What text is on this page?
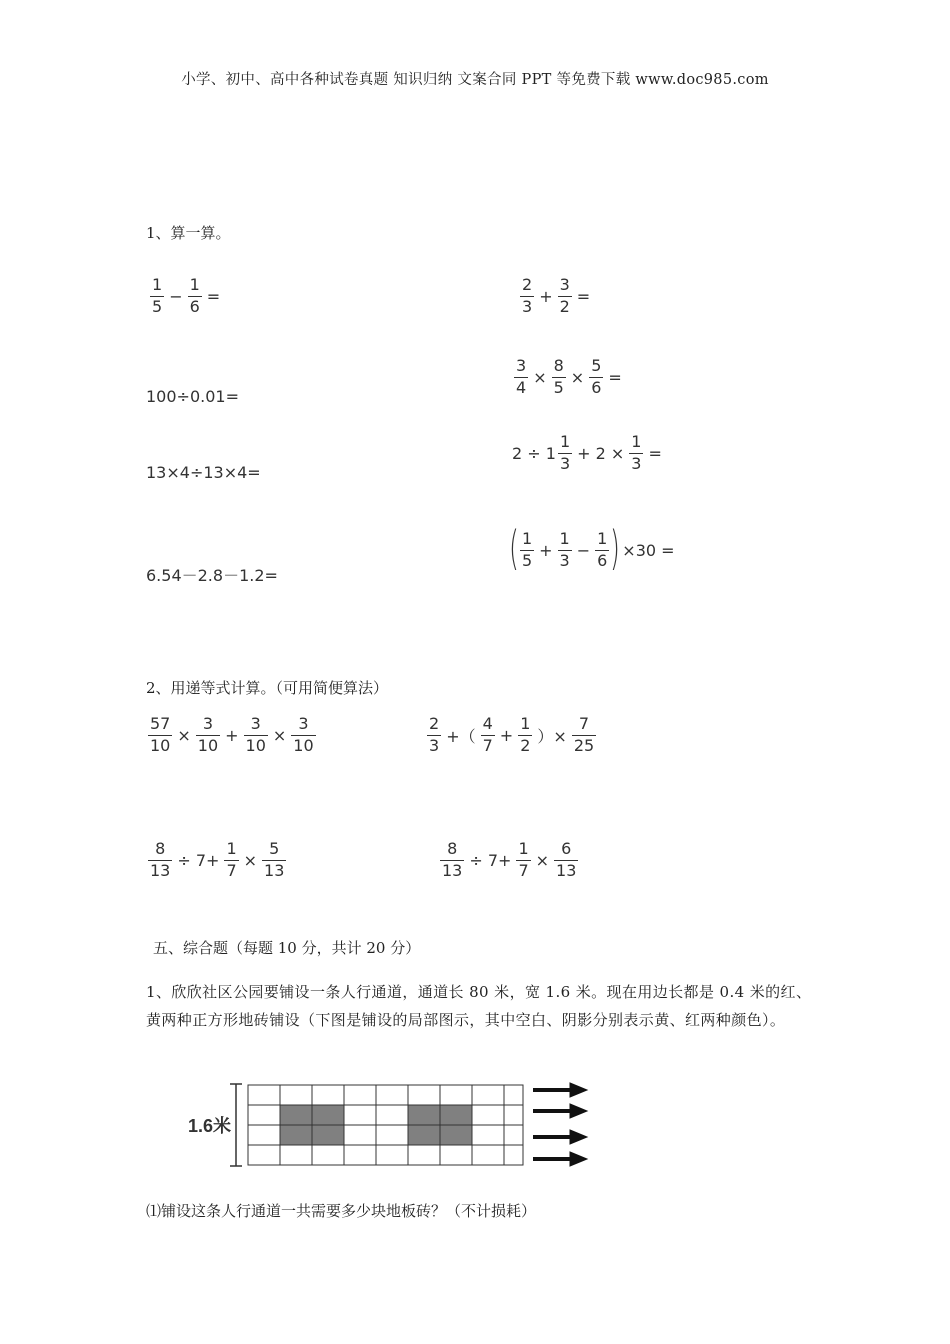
小学、初中、高中各种试卷真题 知识归纳 文案合同 PPT 等免费下载 www.doc985.com
1、算一算。
$\frac{1}{5} - \frac{1}{6}$ =	$\frac{2}{3} + \frac{3}{2}$ =
100÷0.01=	$\frac{3}{4} \times \frac{8}{5} \times \frac{5}{6}$ =
13×4÷13×4=
$2 \div 1 \frac{1}{3} + 2 \times \frac{1}{3}$ =
6.54－2.8－1.2=
( $\frac{1}{5} + \frac{1}{3} - \frac{1}{6}$ ) ×30 =
2、用递等式计算。（可用简便算法）
$\frac{57}{10} \times \frac{3}{10} + \frac{3}{10} \times \frac{3}{10}$	$\frac{2}{3}$ +（ $\frac{4}{7} + \frac{1}{2}$ ）× $\frac{7}{25}$
$\frac{8}{13} \div 7+ \frac{1}{7} \times \frac{5}{13}$	$\frac{8}{13} \div 7+ \frac{1}{7} \times \frac{6}{13}$
五、综合题（每题 10 分，共计 20 分）
1、欣欣社区公园要铺设一条人行通道，通道长 80 米，宽 1.6 米。现在用边长都是 0.4 米的红、黄两种正方形地砖铺设（下图是铺设的局部图示，其中空白、阴影分别表示黄、红两种颜色）。
1.6米
⑴铺设这条人行通道一共需要多少块地板砖？（不计损耗）
